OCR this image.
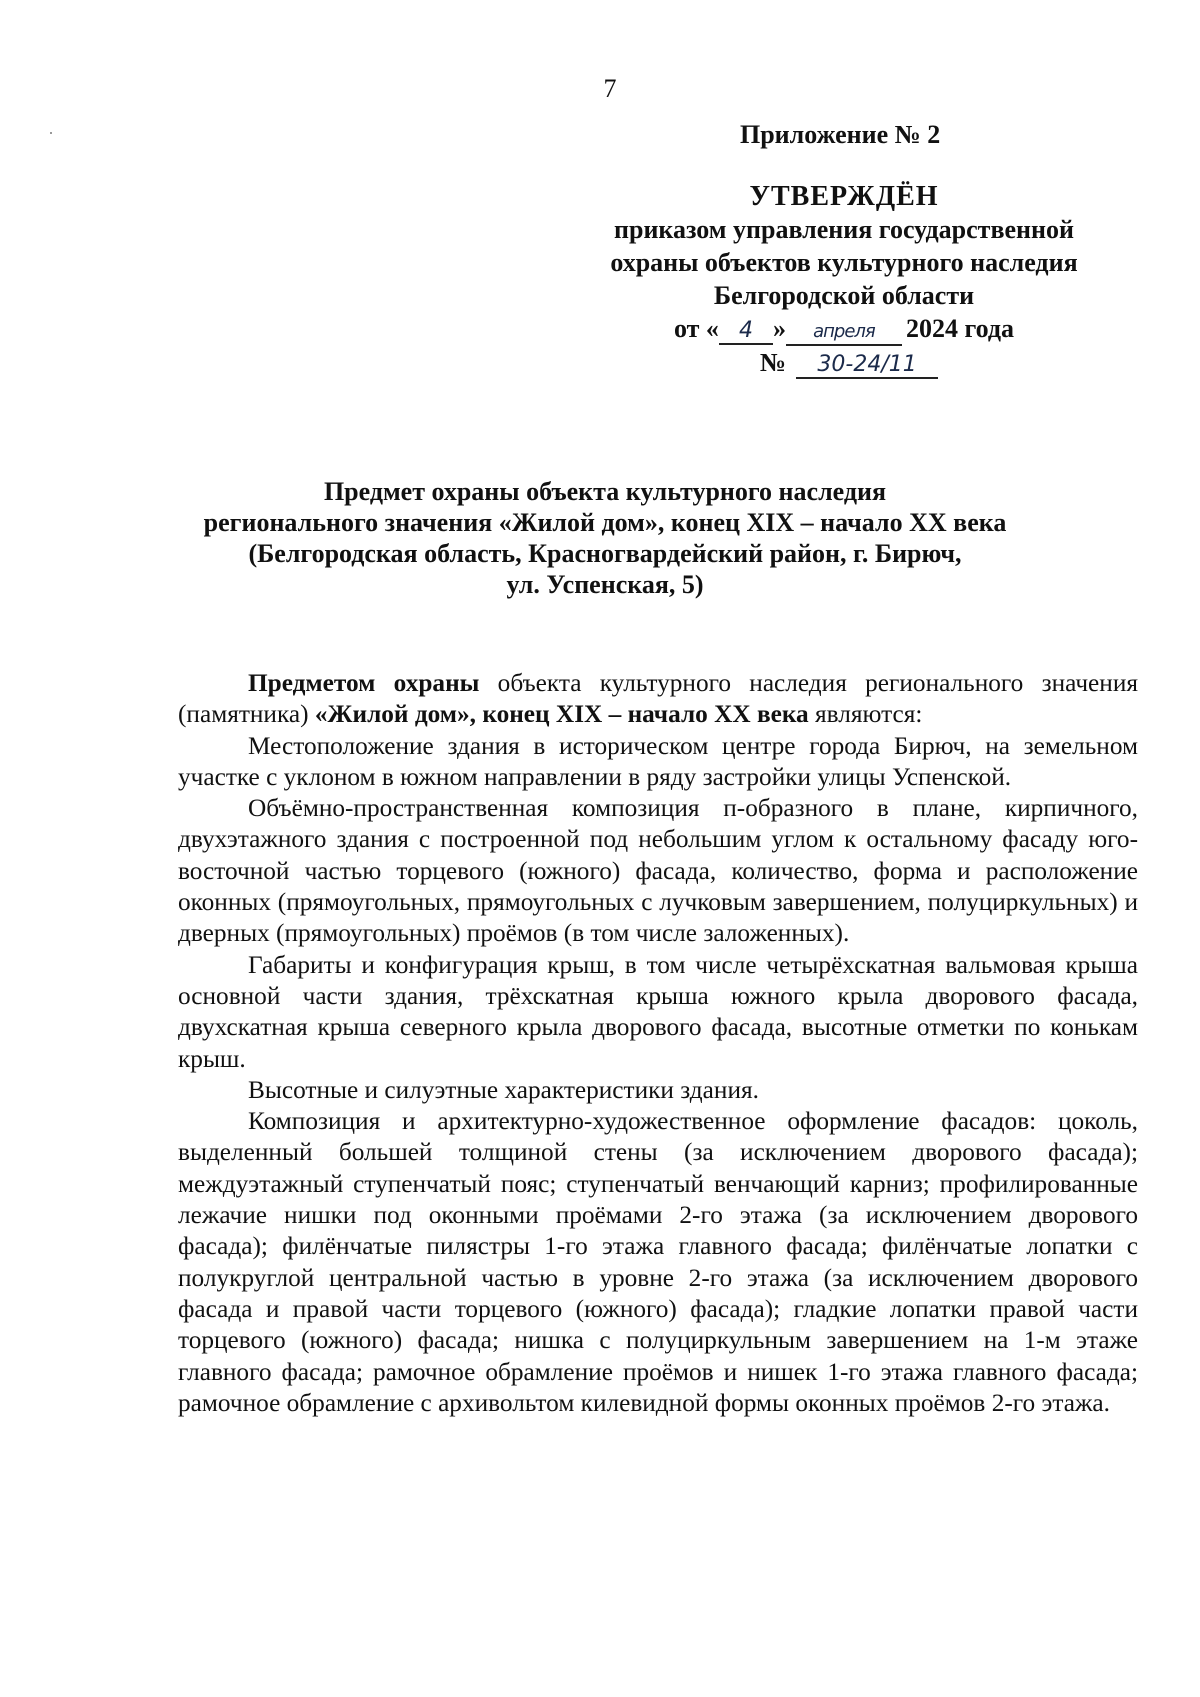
7
Приложение № 2
УТВЕРЖДЁН
приказом управления государственной
охраны объектов культурного наследия
Белгородской области
от « 4 »	апреля	2024 года
№	30-24/11
Предмет охраны объекта культурного наследия
регионального значения «Жилой дом», конец XIX – начало XX века
(Белгородская область, Красногвардейский район, г. Бирюч,
ул. Успенская, 5)

Предметом охраны объекта культурного наследия регионального значения (памятника) «Жилой дом», конец XIX – начало XX века являются:

Местоположение здания в историческом центре города Бирюч, на земельном участке с уклоном в южном направлении в ряду застройки улицы Успенской.

Объёмно-пространственная композиция п-образного в плане, кирпичного, двухэтажного здания с построенной под небольшим углом к остальному фасаду юго-восточной частью торцевого (южного) фасада, количество, форма и расположение оконных (прямоугольных, прямоугольных с лучковым завершением, полуциркульных) и дверных (прямоугольных) проёмов (в том числе заложенных).

Габариты и конфигурация крыш, в том числе четырёхскатная вальмовая крыша основной части здания, трёхскатная крыша южного крыла дворового фасада, двухскатная крыша северного крыла дворового фасада, высотные отметки по конькам крыш.

Высотные и силуэтные характеристики здания.

Композиция и архитектурно-художественное оформление фасадов: цоколь, выделенный большей толщиной стены (за исключением дворового фасада); междуэтажный ступенчатый пояс; ступенчатый венчающий карниз; профилированные лежачие нишки под оконными проёмами 2-го этажа (за исключением дворового фасада); филёнчатые пилястры 1-го этажа главного фасада; филёнчатые лопатки с полукруглой центральной частью в уровне 2-го этажа (за исключением дворового фасада и правой части торцевого (южного) фасада); гладкие лопатки правой части торцевого (южного) фасада; нишка с полуциркульным завершением на 1-м этаже главного фасада; рамочное обрамление проёмов и нишек 1-го этажа главного фасада; рамочное обрамление с архивольтом килевидной формы оконных проёмов 2-го этажа.
